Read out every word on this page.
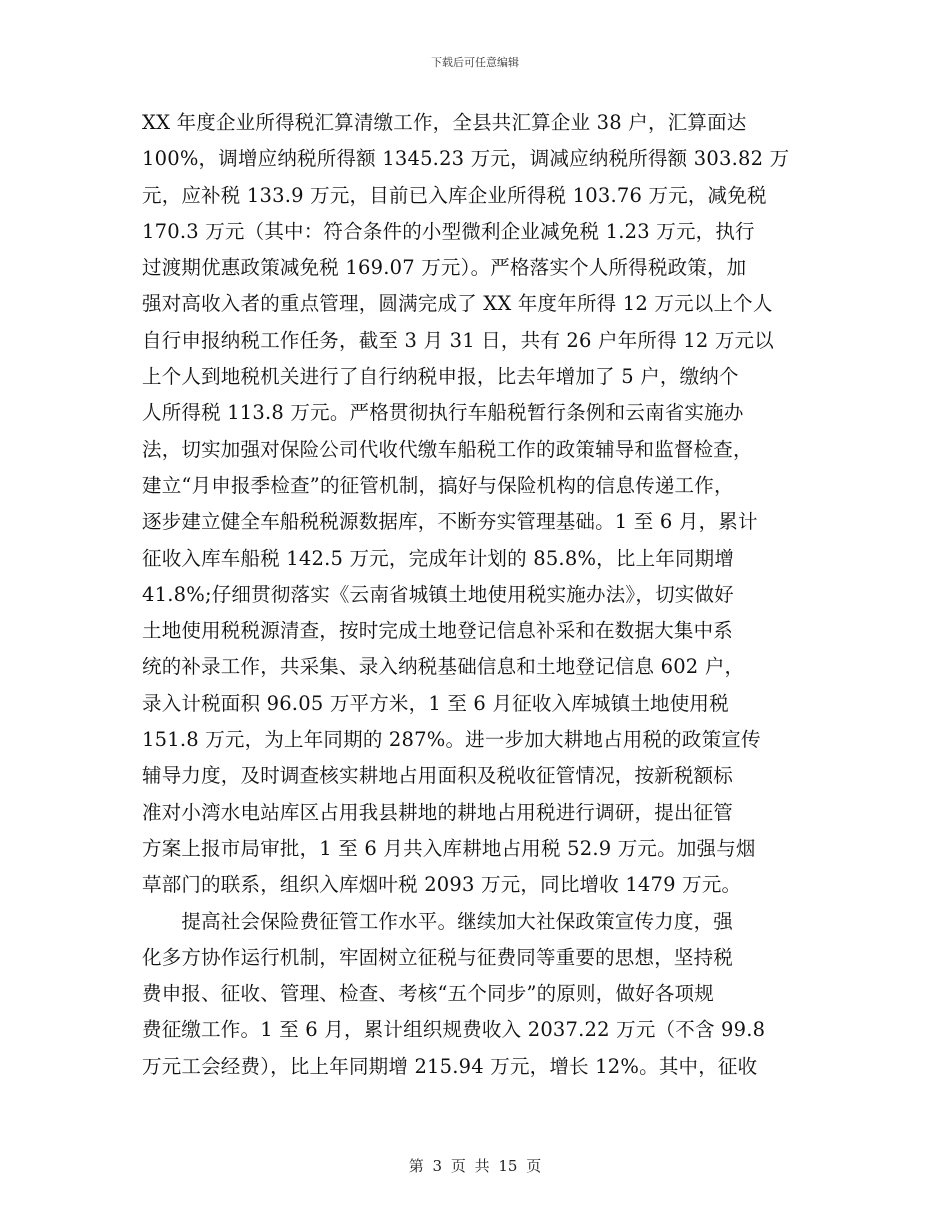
下载后可任意编辑
XX 年度企业所得税汇算清缴工作，全县共汇算企业 38 户，汇算面达
100%，调增应纳税所得额 1345.23 万元，调减应纳税所得额 303.82 万
元，应补税 133.9 万元，目前已入库企业所得税 103.76 万元，减免税
170.3 万元（其中：符合条件的小型微利企业减免税 1.23 万元，执行
过渡期优惠政策减免税 169.07 万元）。严格落实个人所得税政策，加
强对高收入者的重点管理，圆满完成了 XX 年度年所得 12 万元以上个人
自行申报纳税工作任务，截至 3 月 31 日，共有 26 户年所得 12 万元以
上个人到地税机关进行了自行纳税申报，比去年增加了 5 户，缴纳个
人所得税 113.8 万元。严格贯彻执行车船税暂行条例和云南省实施办
法，切实加强对保险公司代收代缴车船税工作的政策辅导和监督检查，
建立“月申报季检查”的征管机制，搞好与保险机构的信息传递工作，
逐步建立健全车船税税源数据库，不断夯实管理基础。1 至 6 月，累计
征收入库车船税 142.5 万元，完成年计划的 85.8%，比上年同期增
41.8%;仔细贯彻落实《云南省城镇土地使用税实施办法》，切实做好
土地使用税税源清查，按时完成土地登记信息补采和在数据大集中系
统的补录工作，共采集、录入纳税基础信息和土地登记信息 602 户，
录入计税面积 96.05 万平方米，1 至 6 月征收入库城镇土地使用税
151.8 万元，为上年同期的 287%。进一步加大耕地占用税的政策宣传
辅导力度，及时调查核实耕地占用面积及税收征管情况，按新税额标
准对小湾水电站库区占用我县耕地的耕地占用税进行调研，提出征管
方案上报市局审批，1 至 6 月共入库耕地占用税 52.9 万元。加强与烟
草部门的联系，组织入库烟叶税 2093 万元，同比增收 1479 万元。
　　提高社会保险费征管工作水平。继续加大社保政策宣传力度，强
化多方协作运行机制，牢固树立征税与征费同等重要的思想，坚持税
费申报、征收、管理、检查、考核“五个同步”的原则，做好各项规
费征缴工作。1 至 6 月，累计组织规费收入 2037.22 万元（不含 99.8
万元工会经费），比上年同期增 215.94 万元，增长 12%。其中，征收
第 3 页 共 15 页
